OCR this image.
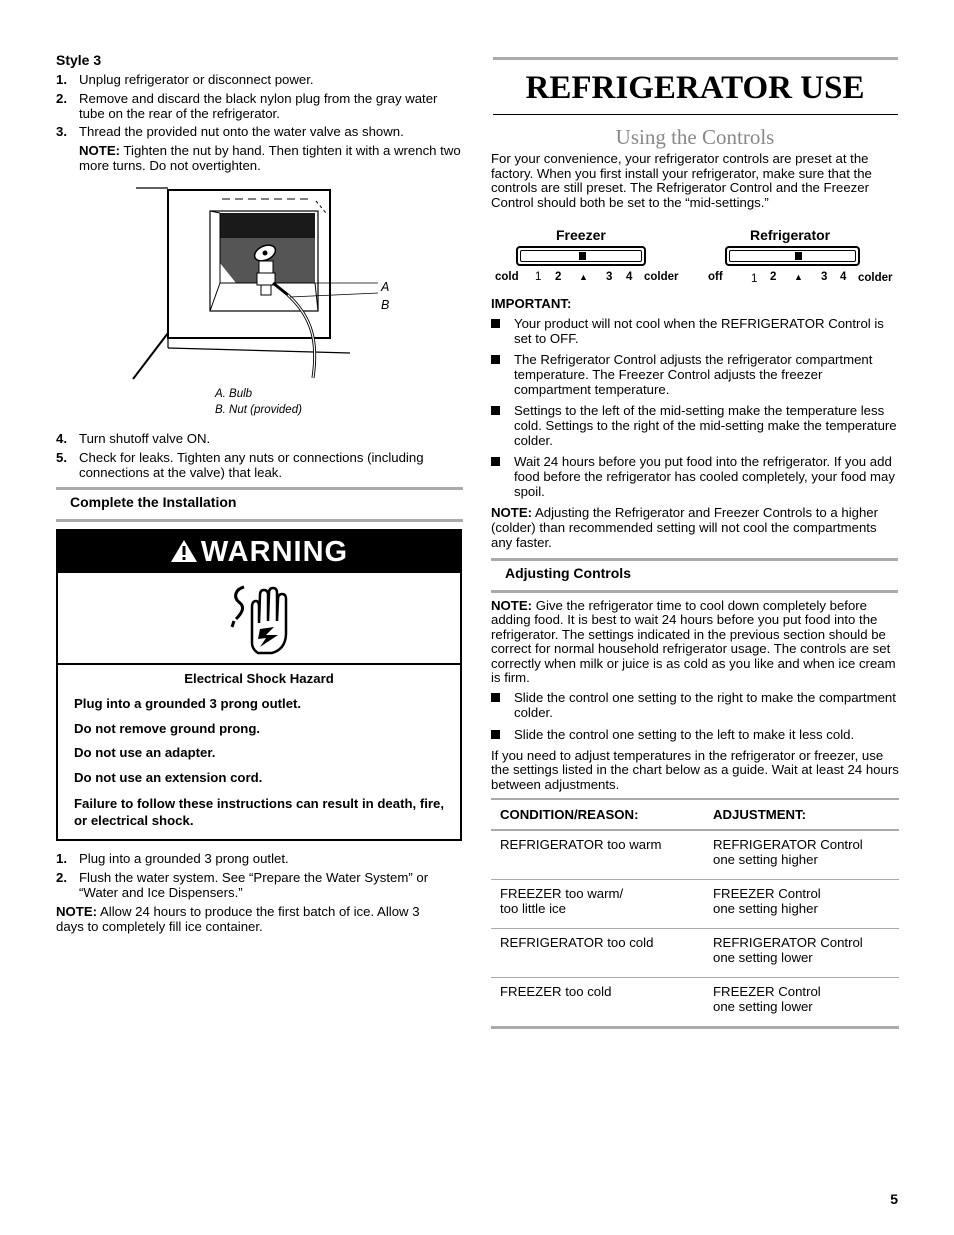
Style 3
1. Unplug refrigerator or disconnect power.
2. Remove and discard the black nylon plug from the gray water tube on the rear of the refrigerator.
3. Thread the provided nut onto the water valve as shown.
NOTE: Tighten the nut by hand. Then tighten it with a wrench two more turns. Do not overtighten.
A
B
A. Bulb
B. Nut (provided)
4. Turn shutoff valve ON.
5. Check for leaks. Tighten any nuts or connections (including connections at the valve) that leak.
Complete the Installation
WARNING
Electrical Shock Hazard
Plug into a grounded 3 prong outlet.
Do not remove ground prong.
Do not use an adapter.
Do not use an extension cord.
Failure to follow these instructions can result in death, fire, or electrical shock.
1. Plug into a grounded 3 prong outlet.
2. Flush the water system. See “Prepare the Water System” or “Water and Ice Dispensers.”
NOTE: Allow 24 hours to produce the first batch of ice. Allow 3 days to completely fill ice container.
REFRIGERATOR USE
Using the Controls
For your convenience, your refrigerator controls are preset at the factory. When you first install your refrigerator, make sure that the controls are still preset. The Refrigerator Control and the Freezer Control should both be set to the “mid-settings.”
Freezer
cold 1 2 ▲ 3 4 colder
Refrigerator
off 1 2 ▲ 3 4 colder
IMPORTANT:
Your product will not cool when the REFRIGERATOR Control is set to OFF.
The Refrigerator Control adjusts the refrigerator compartment temperature. The Freezer Control adjusts the freezer compartment temperature.
Settings to the left of the mid-setting make the temperature less cold. Settings to the right of the mid-setting make the temperature colder.
Wait 24 hours before you put food into the refrigerator. If you add food before the refrigerator has cooled completely, your food may spoil.
NOTE: Adjusting the Refrigerator and Freezer Controls to a higher (colder) than recommended setting will not cool the compartments any faster.
Adjusting Controls
NOTE: Give the refrigerator time to cool down completely before adding food. It is best to wait 24 hours before you put food into the refrigerator. The settings indicated in the previous section should be correct for normal household refrigerator usage. The controls are set correctly when milk or juice is as cold as you like and when ice cream is firm.
Slide the control one setting to the right to make the compartment colder.
Slide the control one setting to the left to make it less cold.
If you need to adjust temperatures in the refrigerator or freezer, use the settings listed in the chart below as a guide. Wait at least 24 hours between adjustments.
CONDITION/REASON:	ADJUSTMENT:
REFRIGERATOR too warm	REFRIGERATOR Control
one setting higher
FREEZER too warm/
too little ice	FREEZER Control
one setting higher
REFRIGERATOR too cold	REFRIGERATOR Control
one setting lower
FREEZER too cold	FREEZER Control
one setting lower
5
